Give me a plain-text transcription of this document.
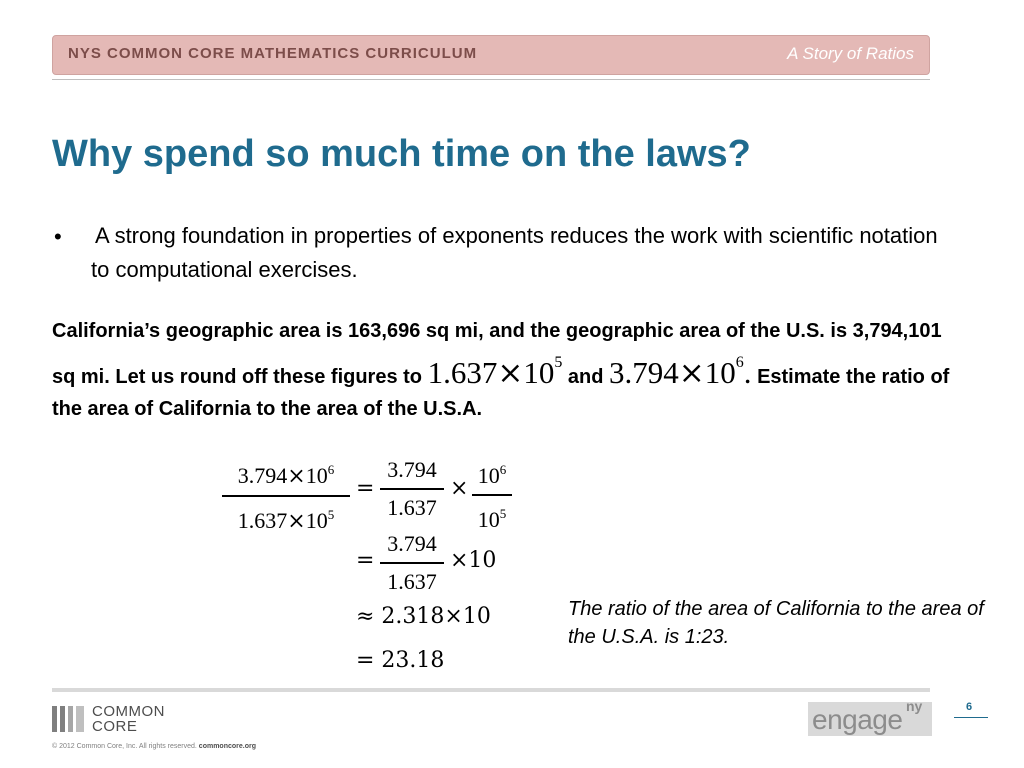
NYS COMMON CORE MATHEMATICS CURRICULUM	A Story of Ratios
Why spend so much time on the laws?
• A strong foundation in properties of exponents reduces the work with scientific notation to computational exercises.

California’s geographic area is 163,696 sq mi, and the geographic area of the U.S. is 3,794,101 sq mi. Let us round off these figures to $1.637\times 10^5$ and $3.794\times 10^6$. Estimate the ratio of the area of California to the area of the U.S.A.

$3.794\times 10^6$
$1.637\times 10^5$
=
3.794
1.637
×
$10^6$
$10^5$
=
3.794
1.637
×10
≈ 2.318×10
= 23.18
The ratio of the area of California to the area of the U.S.A. is 1:23.
COMMON
CORE
© 2012 Common Core, Inc. All rights reserved. commoncore.org
engage ny	6
